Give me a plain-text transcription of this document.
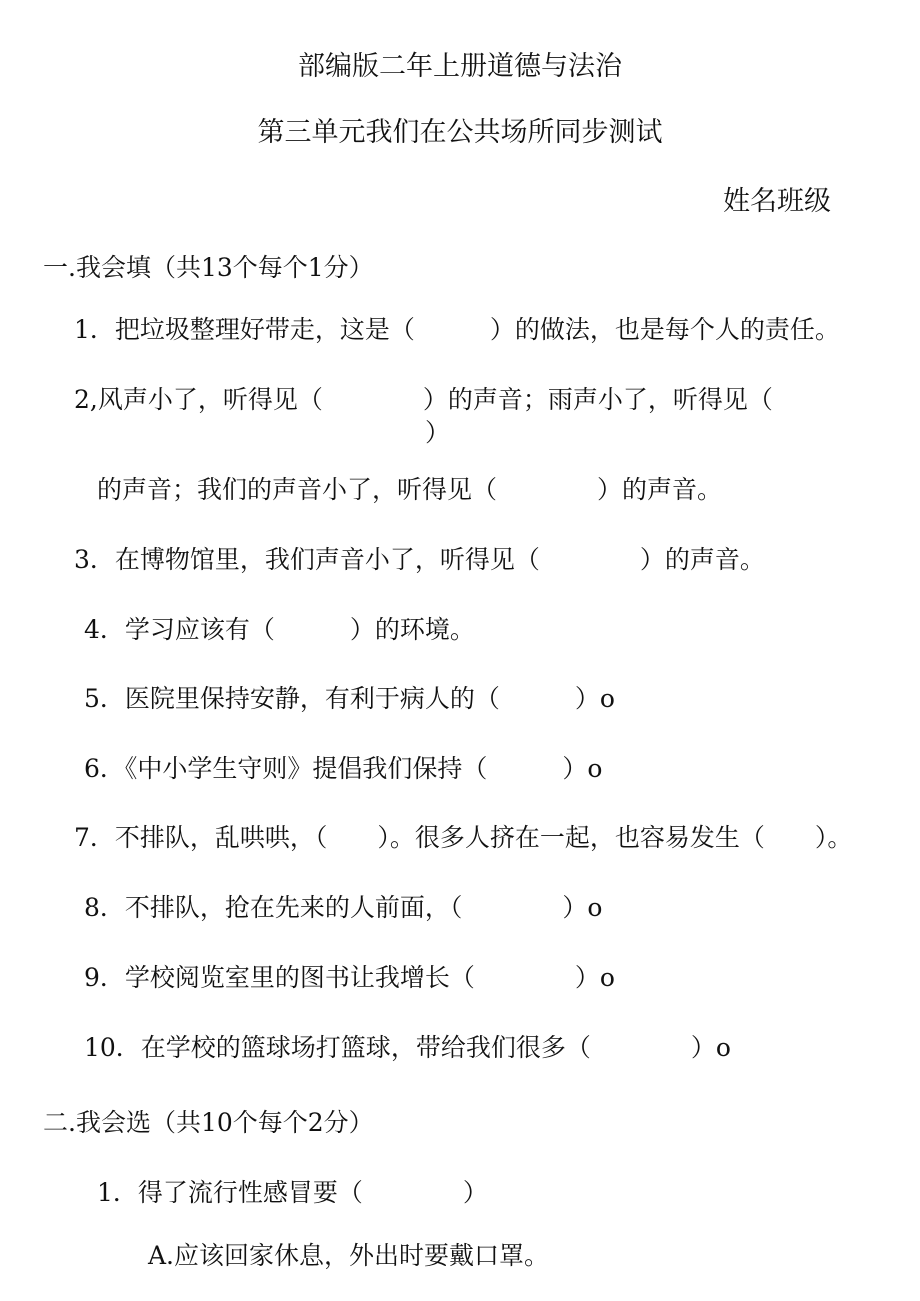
部编版二年上册道德与法治
第三单元我们在公共场所同步测试
姓名班级
一.我会填（共13个每个1分）
1．把垃圾整理好带走，这是（　　　）的做法，也是每个人的责任。
2,风声小了，听得见（　　　　）的声音；雨声小了，听得见（
）
的声音；我们的声音小了，听得见（　　　　）的声音。
3．在博物馆里，我们声音小了，听得见（　　　　）的声音。
4．学习应该有（　　　）的环境。
5．医院里保持安静，有利于病人的（　　　）o
6．《中小学生守则》提倡我们保持（　　　）o
7．不排队，乱哄哄，（　　）。很多人挤在一起，也容易发生（　　）。
8．不排队，抢在先来的人前面，（　　　　）o
9．学校阅览室里的图书让我增长（　　　　）o
10．在学校的篮球场打篮球，带给我们很多（　　　　）o
二.我会选（共10个每个2分）
1．得了流行性感冒要（　　　　）
A.应该回家休息，外出时要戴口罩。
